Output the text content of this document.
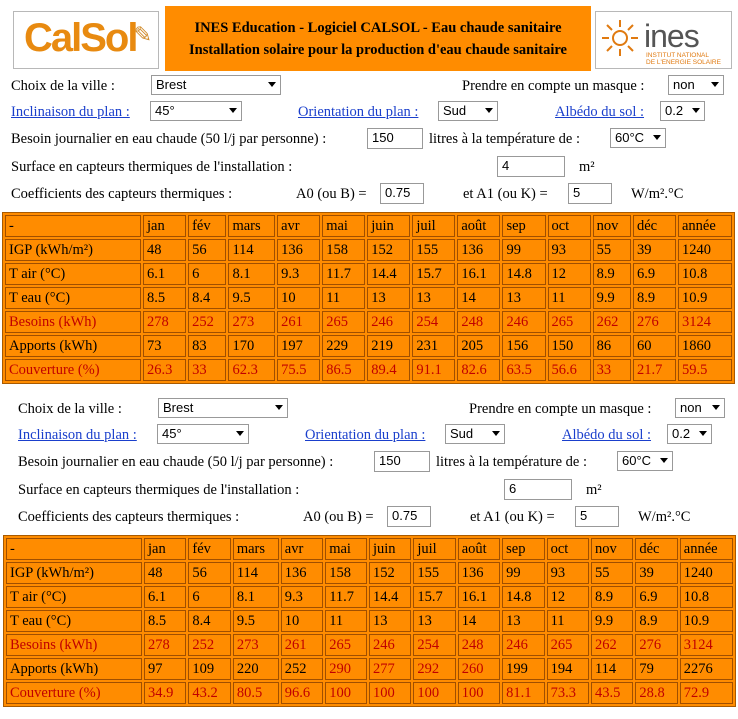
CalSol
✎	INES Education - Logiciel CALSOL - Eau chaude sanitaire
Installation solaire pour la production d'eau chaude sanitaire	ines
INSTITUT NATIONAL
DE L'ENERGIE SOLAIRE
Choix de la ville :	Brest	Prendre en compte un masque :	non
Inclinaison du plan :	45°	Orientation du plan :	Sud	Albédo du sol :	0.2
Besoin journalier en eau chaude (50 l/j par personne) :	150	litres à la température de :	60°C
Surface en capteurs thermiques de l'installation :	4	m²
Coefficients des capteurs thermiques :	A0 (ou B) =	0.75	et A1 (ou K) =	5	W/m².°C
-	jan	fév	mars	avr	mai	juin	juil	août	sep	oct	nov	déc	année
IGP (kWh/m²)	48	56	114	136	158	152	155	136	99	93	55	39	1240
T air (°C)	6.1	6	8.1	9.3	11.7	14.4	15.7	16.1	14.8	12	8.9	6.9	10.8
T eau (°C)	8.5	8.4	9.5	10	11	13	13	14	13	11	9.9	8.9	10.9
Besoins (kWh)	278	252	273	261	265	246	254	248	246	265	262	276	3124
Apports (kWh)	73	83	170	197	229	219	231	205	156	150	86	60	1860
Couverture (%)	26.3	33	62.3	75.5	86.5	89.4	91.1	82.6	63.5	56.6	33	21.7	59.5
Choix de la ville :	Brest	Prendre en compte un masque :	non
Inclinaison du plan :	45°	Orientation du plan :	Sud	Albédo du sol :	0.2
Besoin journalier en eau chaude (50 l/j par personne) :	150	litres à la température de :	60°C
Surface en capteurs thermiques de l'installation :	6	m²
Coefficients des capteurs thermiques :	A0 (ou B) =	0.75	et A1 (ou K) =	5	W/m².°C
-	jan	fév	mars	avr	mai	juin	juil	août	sep	oct	nov	déc	année
IGP (kWh/m²)	48	56	114	136	158	152	155	136	99	93	55	39	1240
T air (°C)	6.1	6	8.1	9.3	11.7	14.4	15.7	16.1	14.8	12	8.9	6.9	10.8
T eau (°C)	8.5	8.4	9.5	10	11	13	13	14	13	11	9.9	8.9	10.9
Besoins (kWh)	278	252	273	261	265	246	254	248	246	265	262	276	3124
Apports (kWh)	97	109	220	252	290	277	292	260	199	194	114	79	2276
Couverture (%)	34.9	43.2	80.5	96.6	100	100	100	100	81.1	73.3	43.5	28.8	72.9
